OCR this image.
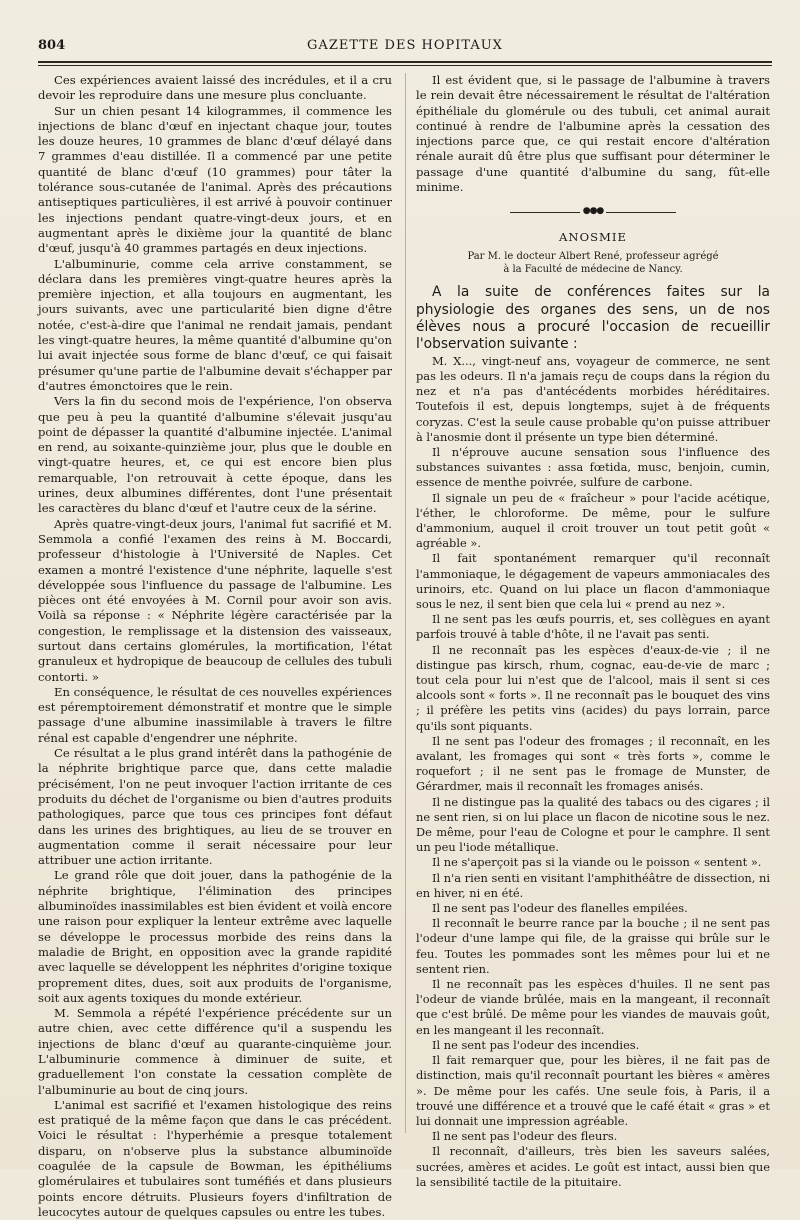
804	GAZETTE DES HOPITAUX

Ces expériences avaient laissé des incrédules, et il a cru devoir les reproduire dans une mesure plus concluante.

Sur un chien pesant 14 kilogrammes, il commence les injections de blanc d'œuf en injectant chaque jour, toutes les douze heures, 10 grammes de blanc d'œuf délayé dans 7 grammes d'eau distillée. Il a commencé par une petite quantité de blanc d'œuf (10 grammes) pour tâter la tolérance sous-cutanée de l'animal. Après des précautions antiseptiques particulières, il est arrivé à pouvoir continuer les injections pendant quatre-vingt-deux jours, et en augmentant après le dixième jour la quantité de blanc d'œuf, jusqu'à 40 grammes partagés en deux injections.

L'albuminurie, comme cela arrive constamment, se déclara dans les premières vingt-quatre heures après la première injection, et alla toujours en augmentant, les jours suivants, avec une particularité bien digne d'être notée, c'est-à-dire que l'animal ne rendait jamais, pendant les vingt-quatre heures, la même quantité d'albumine qu'on lui avait injectée sous forme de blanc d'œuf, ce qui faisait présumer qu'une partie de l'albumine devait s'échapper par d'autres émonctoires que le rein.

Vers la fin du second mois de l'expérience, l'on observa que peu à peu la quantité d'albumine s'élevait jusqu'au point de dépasser la quantité d'albumine injectée. L'animal en rend, au soixante-quinzième jour, plus que le double en vingt-quatre heures, et, ce qui est encore bien plus remarquable, l'on retrouvait à cette époque, dans les urines, deux albumines différentes, dont l'une présentait les caractères du blanc d'œuf et l'autre ceux de la sérine.

Après quatre-vingt-deux jours, l'animal fut sacrifié et M. Semmola a confié l'examen des reins à M. Boccardi, professeur d'histologie à l'Université de Naples. Cet examen a montré l'existence d'une néphrite, laquelle s'est développée sous l'influence du passage de l'albumine. Les pièces ont été envoyées à M. Cornil pour avoir son avis. Voilà sa réponse : « Néphrite légère caractérisée par la congestion, le remplissage et la distension des vaisseaux, surtout dans certains glomérules, la mortification, l'état granuleux et hydropique de beaucoup de cellules des tubuli contorti. »

En conséquence, le résultat de ces nouvelles expériences est péremptoirement démonstratif et montre que le simple passage d'une albumine inassimilable à travers le filtre rénal est capable d'engendrer une néphrite.

Ce résultat a le plus grand intérêt dans la pathogénie de la néphrite brightique parce que, dans cette maladie précisément, l'on ne peut invoquer l'action irritante de ces produits du déchet de l'organisme ou bien d'autres produits pathologiques, parce que tous ces principes font défaut dans les urines des brightiques, au lieu de se trouver en augmentation comme il serait nécessaire pour leur attribuer une action irritante.

Le grand rôle que doit jouer, dans la pathogénie de la néphrite brightique, l'élimination des principes albuminoïdes inassimilables est bien évident et voilà encore une raison pour expliquer la lenteur extrême avec laquelle se développe le processus morbide des reins dans la maladie de Bright, en opposition avec la grande rapidité avec laquelle se développent les néphrites d'origine toxique proprement dites, dues, soit aux produits de l'organisme, soit aux agents toxiques du monde extérieur.

M. Semmola a répété l'expérience précédente sur un autre chien, avec cette différence qu'il a suspendu les injections de blanc d'œuf au quarante-cinquième jour. L'albuminurie commence à diminuer de suite, et graduellement l'on constate la cessation complète de l'albuminurie au bout de cinq jours.

L'animal est sacrifié et l'examen histologique des reins est pratiqué de la même façon que dans le cas précédent. Voici le résultat : l'hyperhémie a presque totalement disparu, on n'observe plus la substance albuminoïde coagulée de la capsule de Bowman, les épithéliums glomérulaires et tubulaires sont tuméfiés et dans plusieurs points encore détruits. Plusieurs foyers d'infiltration de leucocytes autour de quelques capsules ou entre les tubes.

Il est évident que, si le passage de l'albumine à travers le rein devait être nécessairement le résultat de l'altération épithéliale du glomérule ou des tubuli, cet animal aurait continué à rendre de l'albumine après la cessation des injections parce que, ce qui restait encore d'altération rénale aurait dû être plus que suffisant pour déterminer le passage d'une quantité d'albumine du sang, fût-elle minime.

●●●
ANOSMIE
Par M. le docteur Albert René, professeur agrégé
à la Faculté de médecine de Nancy.

A la suite de conférences faites sur la physiologie des organes des sens, un de nos élèves nous a procuré l'occasion de recueillir l'observation suivante :

M. X..., vingt-neuf ans, voyageur de commerce, ne sent pas les odeurs. Il n'a jamais reçu de coups dans la région du nez et n'a pas d'antécédents morbides héréditaires. Toutefois il est, depuis longtemps, sujet à de fréquents coryzas. C'est la seule cause probable qu'on puisse attribuer à l'anosmie dont il présente un type bien déterminé.

Il n'éprouve aucune sensation sous l'influence des substances suivantes : assa fœtida, musc, benjoin, cumin, essence de menthe poivrée, sulfure de carbone.

Il signale un peu de « fraîcheur » pour l'acide acétique, l'éther, le chloroforme. De même, pour le sulfure d'ammonium, auquel il croit trouver un tout petit goût « agréable ».

Il fait spontanément remarquer qu'il reconnaît l'ammoniaque, le dégagement de vapeurs ammoniacales des urinoirs, etc. Quand on lui place un flacon d'ammoniaque sous le nez, il sent bien que cela lui « prend au nez ».

Il ne sent pas les œufs pourris, et, ses collègues en ayant parfois trouvé à table d'hôte, il ne l'avait pas senti.

Il ne reconnaît pas les espèces d'eaux-de-vie ; il ne distingue pas kirsch, rhum, cognac, eau-de-vie de marc ; tout cela pour lui n'est que de l'alcool, mais il sent si ces alcools sont « forts ». Il ne reconnaît pas le bouquet des vins ; il préfère les petits vins (acides) du pays lorrain, parce qu'ils sont piquants.

Il ne sent pas l'odeur des fromages ; il reconnaît, en les avalant, les fromages qui sont « très forts », comme le roquefort ; il ne sent pas le fromage de Munster, de Gérardmer, mais il reconnaît les fromages anisés.

Il ne distingue pas la qualité des tabacs ou des cigares ; il ne sent rien, si on lui place un flacon de nicotine sous le nez. De même, pour l'eau de Cologne et pour le camphre. Il sent un peu l'iode métallique.

Il ne s'aperçoit pas si la viande ou le poisson « sentent ».

Il n'a rien senti en visitant l'amphithéâtre de dissection, ni en hiver, ni en été.

Il ne sent pas l'odeur des flanelles empilées.

Il reconnaît le beurre rance par la bouche ; il ne sent pas l'odeur d'une lampe qui file, de la graisse qui brûle sur le feu. Toutes les pommades sont les mêmes pour lui et ne sentent rien.

Il ne reconnaît pas les espèces d'huiles. Il ne sent pas l'odeur de viande brûlée, mais en la mangeant, il reconnaît que c'est brûlé. De même pour les viandes de mauvais goût, en les mangeant il les reconnaît.

Il ne sent pas l'odeur des incendies.

Il fait remarquer que, pour les bières, il ne fait pas de distinction, mais qu'il reconnaît pourtant les bières « amères ». De même pour les cafés. Une seule fois, à Paris, il a trouvé une différence et a trouvé que le café était « gras » et lui donnait une impression agréable.

Il ne sent pas l'odeur des fleurs.

Il reconnaît, d'ailleurs, très bien les saveurs salées, sucrées, amères et acides. Le goût est intact, aussi bien que la sensibilité tactile de la pituitaire.
